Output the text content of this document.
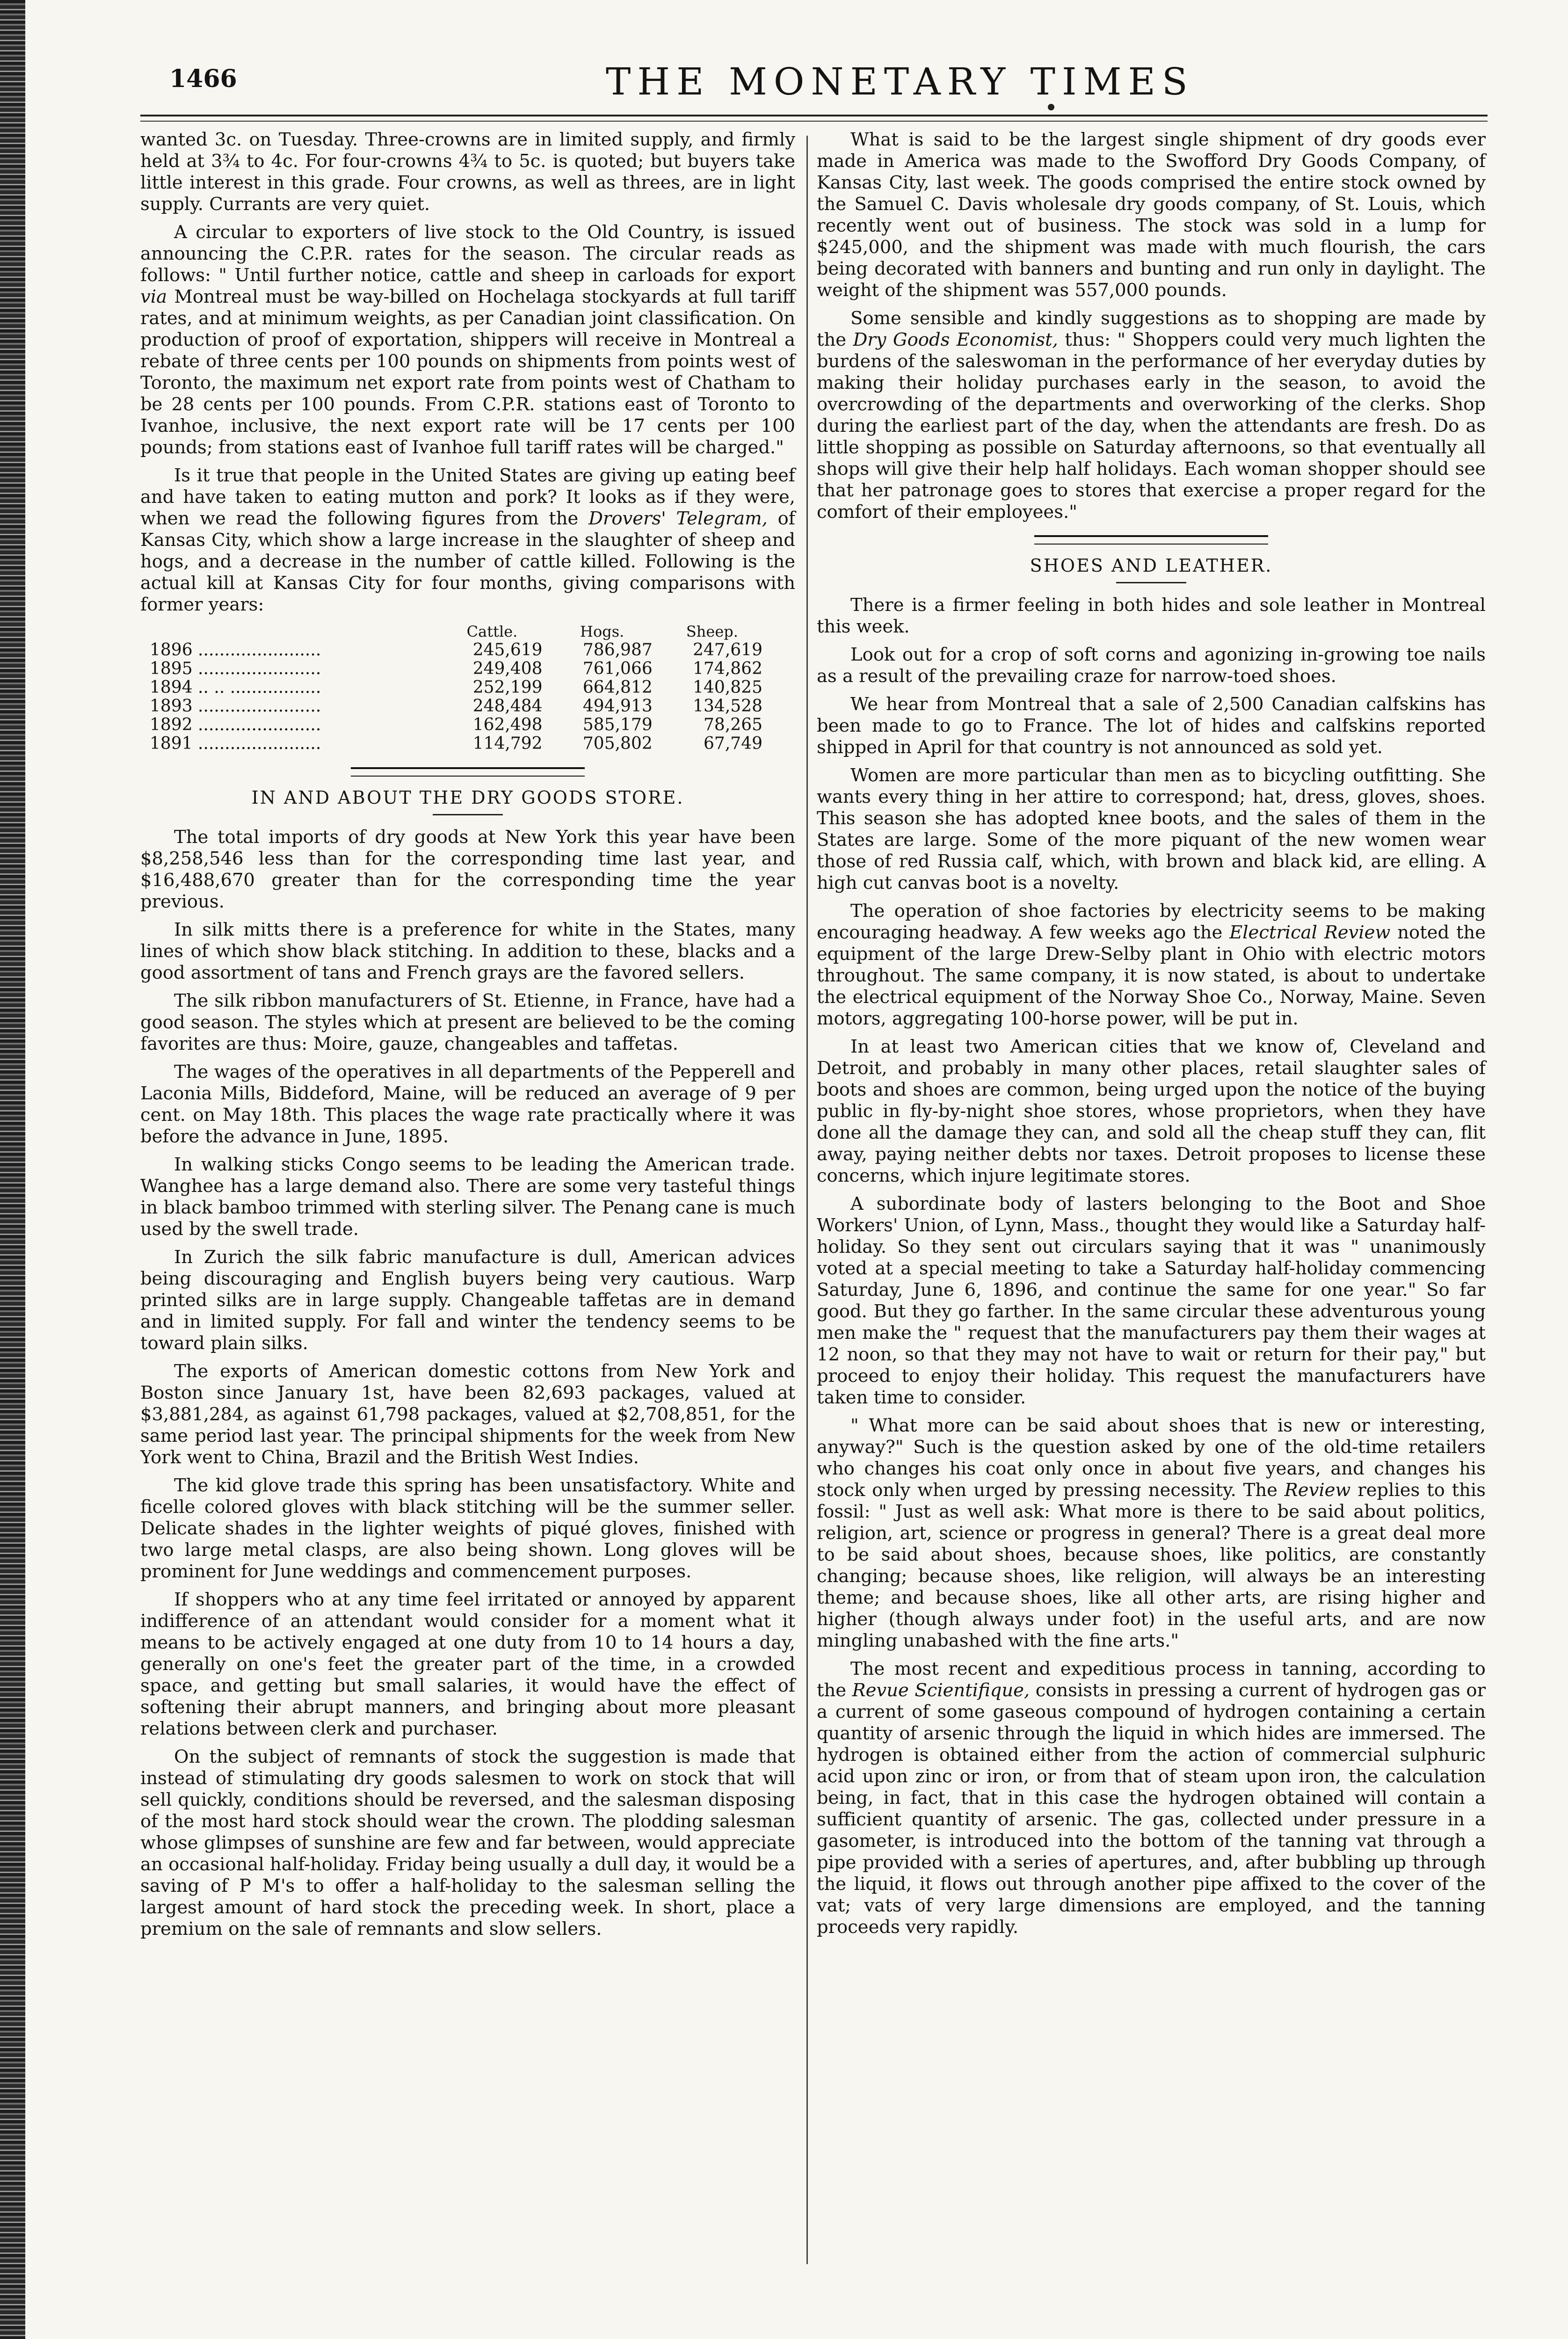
1466	THE MONETARY TIMES

wanted 3c. on Tuesday. Three-crowns are in limited supply, and firmly held at 3¾ to 4c. For four-crowns 4¾ to 5c. is quoted; but buyers take little interest in this grade. Four crowns, as well as threes, are in light supply. Currants are very quiet.

A circular to exporters of live stock to the Old Country, is issued announcing the C.P.R. rates for the season. The circular reads as follows: " Until further notice, cattle and sheep in carloads for export via Montreal must be way-billed on Hochelaga stockyards at full tariff rates, and at minimum weights, as per Canadian joint classification. On production of proof of exportation, shippers will receive in Montreal a rebate of three cents per 100 pounds on shipments from points west of Toronto, the maximum net export rate from points west of Chatham to be 28 cents per 100 pounds. From C.P.R. stations east of Toronto to Ivanhoe, inclusive, the next export rate will be 17 cents per 100 pounds; from stations east of Ivanhoe full tariff rates will be charged."

Is it true that people in the United States are giving up eating beef and have taken to eating mutton and pork? It looks as if they were, when we read the following figures from the Drovers' Telegram, of Kansas City, which show a large increase in the slaughter of sheep and hogs, and a decrease in the number of cattle killed. Following is the actual kill at Kansas City for four months, giving comparisons with former years:

	Cattle.	Hogs.	Sheep.
1896 .......................	245,619	786,987	247,619
1895 .......................	249,408	761,066	174,862
1894 .. .. .................	252,199	664,812	140,825
1893 .......................	248,484	494,913	134,528
1892 .......................	162,498	585,179	78,265
1891 .......................	114,792	705,802	67,749
IN AND ABOUT THE DRY GOODS STORE.

The total imports of dry goods at New York this year have been $8,258,546 less than for the corresponding time last year, and $16,488,670 greater than for the corresponding time the year previous.

In silk mitts there is a preference for white in the States, many lines of which show black stitching. In addition to these, blacks and a good assortment of tans and French grays are the favored sellers.

The silk ribbon manufacturers of St. Etienne, in France, have had a good season. The styles which at present are believed to be the coming favorites are thus: Moire, gauze, changeables and taffetas.

The wages of the operatives in all departments of the Pepperell and Laconia Mills, Biddeford, Maine, will be reduced an average of 9 per cent. on May 18th. This places the wage rate practically where it was before the advance in June, 1895.

In walking sticks Congo seems to be leading the American trade. Wanghee has a large demand also. There are some very tasteful things in black bamboo trimmed with sterling silver. The Penang cane is much used by the swell trade.

In Zurich the silk fabric manufacture is dull, American advices being discouraging and English buyers being very cautious. Warp printed silks are in large supply. Changeable taffetas are in demand and in limited supply. For fall and winter the tendency seems to be toward plain silks.

The exports of American domestic cottons from New York and Boston since January 1st, have been 82,693 packages, valued at $3,881,284, as against 61,798 packages, valued at $2,708,851, for the same period last year. The principal shipments for the week from New York went to China, Brazil and the British West Indies.

The kid glove trade this spring has been unsatisfactory. White and ficelle colored gloves with black stitching will be the summer seller. Delicate shades in the lighter weights of piqué gloves, finished with two large metal clasps, are also being shown. Long gloves will be prominent for June weddings and commencement purposes.

If shoppers who at any time feel irritated or annoyed by apparent indifference of an attendant would consider for a moment what it means to be actively engaged at one duty from 10 to 14 hours a day, generally on one's feet the greater part of the time, in a crowded space, and getting but small salaries, it would have the effect of softening their abrupt manners, and bringing about more pleasant relations between clerk and purchaser.

On the subject of remnants of stock the suggestion is made that instead of stimulating dry goods salesmen to work on stock that will sell quickly, conditions should be reversed, and the salesman disposing of the most hard stock should wear the crown. The plodding salesman whose glimpses of sunshine are few and far between, would appreciate an occasional half-holiday. Friday being usually a dull day, it would be a saving of P M's to offer a half-holiday to the salesman selling the largest amount of hard stock the preceding week. In short, place a premium on the sale of remnants and slow sellers.

What is said to be the largest single shipment of dry goods ever made in America was made to the Swofford Dry Goods Company, of Kansas City, last week. The goods comprised the entire stock owned by the Samuel C. Davis wholesale dry goods company, of St. Louis, which recently went out of business. The stock was sold in a lump for $245,000, and the shipment was made with much flourish, the cars being decorated with banners and bunting and run only in daylight. The weight of the shipment was 557,000 pounds.

Some sensible and kindly suggestions as to shopping are made by the Dry Goods Economist, thus: " Shoppers could very much lighten the burdens of the saleswoman in the performance of her everyday duties by making their holiday purchases early in the season, to avoid the overcrowding of the departments and overworking of the clerks. Shop during the earliest part of the day, when the attendants are fresh. Do as little shopping as possible on Saturday afternoons, so that eventually all shops will give their help half holidays. Each woman shopper should see that her patronage goes to stores that exercise a proper regard for the comfort of their employees."

SHOES AND LEATHER.

There is a firmer feeling in both hides and sole leather in Montreal this week.

Look out for a crop of soft corns and agonizing in-growing toe nails as a result of the prevailing craze for narrow-toed shoes.

We hear from Montreal that a sale of 2,500 Canadian calfskins has been made to go to France. The lot of hides and calfskins reported shipped in April for that country is not announced as sold yet.

Women are more particular than men as to bicycling outfitting. She wants every thing in her attire to correspond; hat, dress, gloves, shoes. This season she has adopted knee boots, and the sales of them in the States are large. Some of the more piquant of the new women wear those of red Russia calf, which, with brown and black kid, are elling. A high cut canvas boot is a novelty.

The operation of shoe factories by electricity seems to be making encouraging headway. A few weeks ago the Electrical Review noted the equipment of the large Drew-Selby plant in Ohio with electric motors throughout. The same company, it is now stated, is about to undertake the electrical equipment of the Norway Shoe Co., Norway, Maine. Seven motors, aggregating 100-horse power, will be put in.

In at least two American cities that we know of, Cleveland and Detroit, and probably in many other places, retail slaughter sales of boots and shoes are common, being urged upon the notice of the buying public in fly-by-night shoe stores, whose proprietors, when they have done all the damage they can, and sold all the cheap stuff they can, flit away, paying neither debts nor taxes. Detroit proposes to license these concerns, which injure legitimate stores.

A subordinate body of lasters belonging to the Boot and Shoe Workers' Union, of Lynn, Mass., thought they would like a Saturday half-holiday. So they sent out circulars saying that it was " unanimously voted at a special meeting to take a Saturday half-holiday commencing Saturday, June 6, 1896, and continue the same for one year." So far good. But they go farther. In the same circular these adventurous young men make the " request that the manufacturers pay them their wages at 12 noon, so that they may not have to wait or return for their pay," but proceed to enjoy their holiday. This request the manufacturers have taken time to consider.

" What more can be said about shoes that is new or interesting, anyway?" Such is the question asked by one of the old-time retailers who changes his coat only once in about five years, and changes his stock only when urged by pressing necessity. The Review replies to this fossil: " Just as well ask: What more is there to be said about politics, religion, art, science or progress in general? There is a great deal more to be said about shoes, because shoes, like politics, are constantly changing; because shoes, like religion, will always be an interesting theme; and because shoes, like all other arts, are rising higher and higher (though always under foot) in the useful arts, and are now mingling unabashed with the fine arts."

The most recent and expeditious process in tanning, according to the Revue Scientifique, consists in pressing a current of hydrogen gas or a current of some gaseous compound of hydrogen containing a certain quantity of arsenic through the liquid in which hides are immersed. The hydrogen is obtained either from the action of commercial sulphuric acid upon zinc or iron, or from that of steam upon iron, the calculation being, in fact, that in this case the hydrogen obtained will contain a sufficient quantity of arsenic. The gas, collected under pressure in a gasometer, is introduced into the bottom of the tanning vat through a pipe provided with a series of apertures, and, after bubbling up through the liquid, it flows out through another pipe affixed to the cover of the vat; vats of very large dimensions are employed, and the tanning proceeds very rapidly.
